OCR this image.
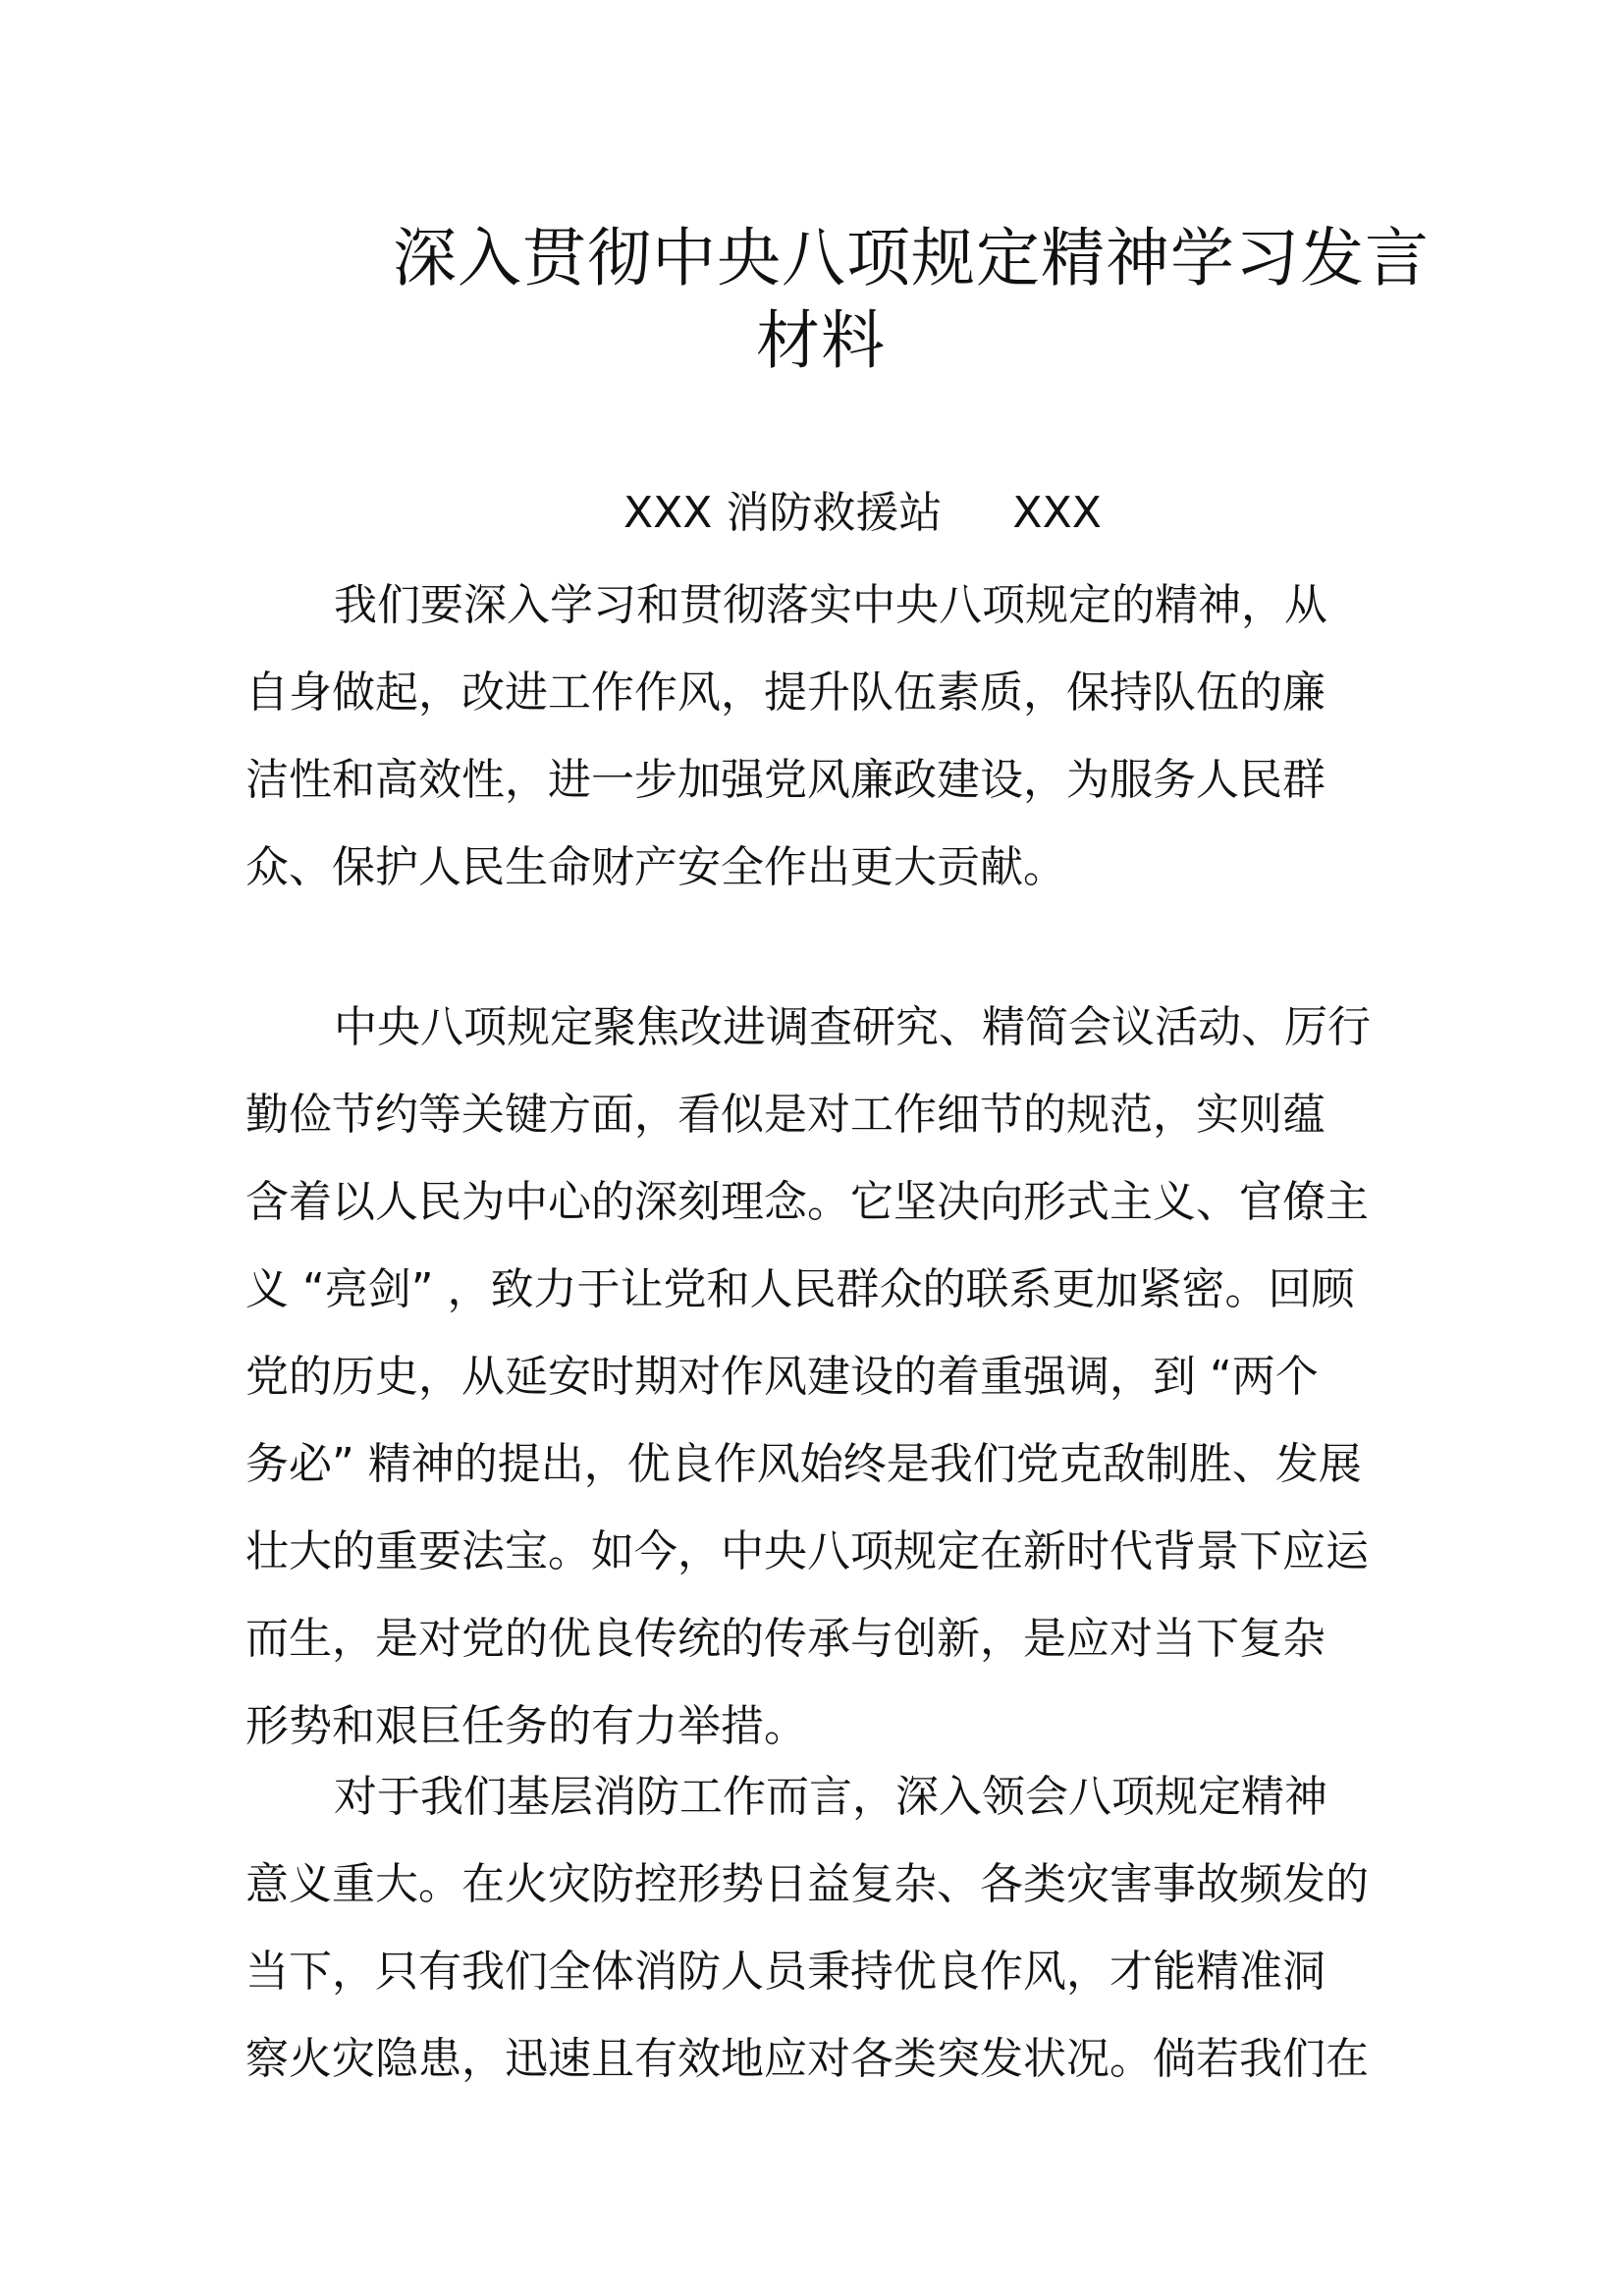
深入贯彻中央八项规定精神学习发言
材料
XXX 消防救援站 XXX
我们要深入学习和贯彻落实中央八项规定的精神，从
自身做起，改进工作作风，提升队伍素质，保持队伍的廉
洁性和高效性，进一步加强党风廉政建设，为服务人民群
众、保护人民生命财产安全作出更大贡献。
中央八项规定聚焦改进调查研究、精简会议活动、厉行
勤俭节约等关键方面，看似是对工作细节的规范，实则蕴
含着以人民为中心的深刻理念。它坚决向形式主义、官僚主
义 “亮剑” ，致力于让党和人民群众的联系更加紧密。回顾
党的历史，从延安时期对作风建设的着重强调，到 “两个
务必” 精神的提出，优良作风始终是我们党克敌制胜、发展
壮大的重要法宝。如今，中央八项规定在新时代背景下应运
而生，是对党的优良传统的传承与创新，是应对当下复杂
形势和艰巨任务的有力举措。
对于我们基层消防工作而言，深入领会八项规定精神
意义重大。在火灾防控形势日益复杂、各类灾害事故频发的
当下，只有我们全体消防人员秉持优良作风，才能精准洞
察火灾隐患，迅速且有效地应对各类突发状况。倘若我们在
